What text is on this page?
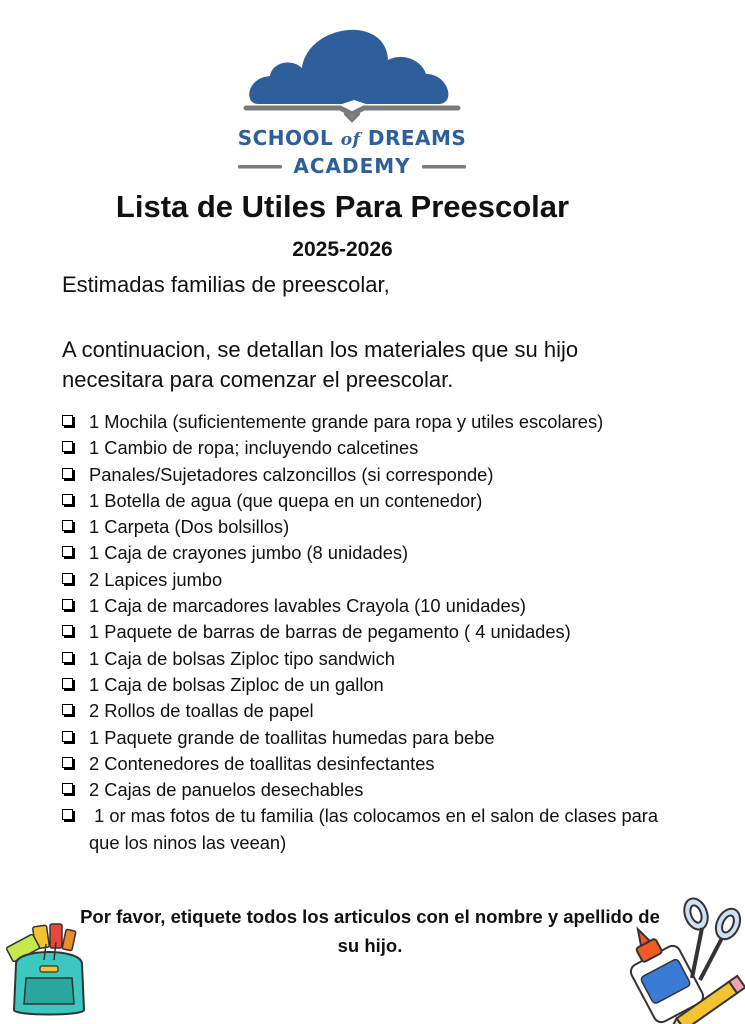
SCHOOL of DREAMS
ACADEMY
Lista de Utiles Para Preescolar
2025-2026
Estimadas familias de preescolar,
A continuacion, se detallan los materiales que su hijo necesitara para comenzar el preescolar.
1 Mochila (suficientemente grande para ropa y utiles escolares)
1 Cambio de ropa; incluyendo calcetines
Panales/Sujetadores calzoncillos (si corresponde)
1 Botella de agua (que quepa en un contenedor)
1 Carpeta (Dos bolsillos)
1 Caja de crayones jumbo (8 unidades)
2 Lapices jumbo
1 Caja de marcadores lavables Crayola (10 unidades)
1 Paquete de barras de barras de pegamento ( 4 unidades)
1 Caja de bolsas Ziploc tipo sandwich
1 Caja de bolsas Ziploc de un gallon
2 Rollos de toallas de papel
1 Paquete grande de toallitas humedas para bebe
2 Contenedores de toallitas desinfectantes
2 Cajas de panuelos desechables
1 or mas fotos de tu familia (las colocamos en el salon de clases para que los ninos las veean)
Por favor, etiquete todos los articulos con el nombre y apellido de su hijo.
